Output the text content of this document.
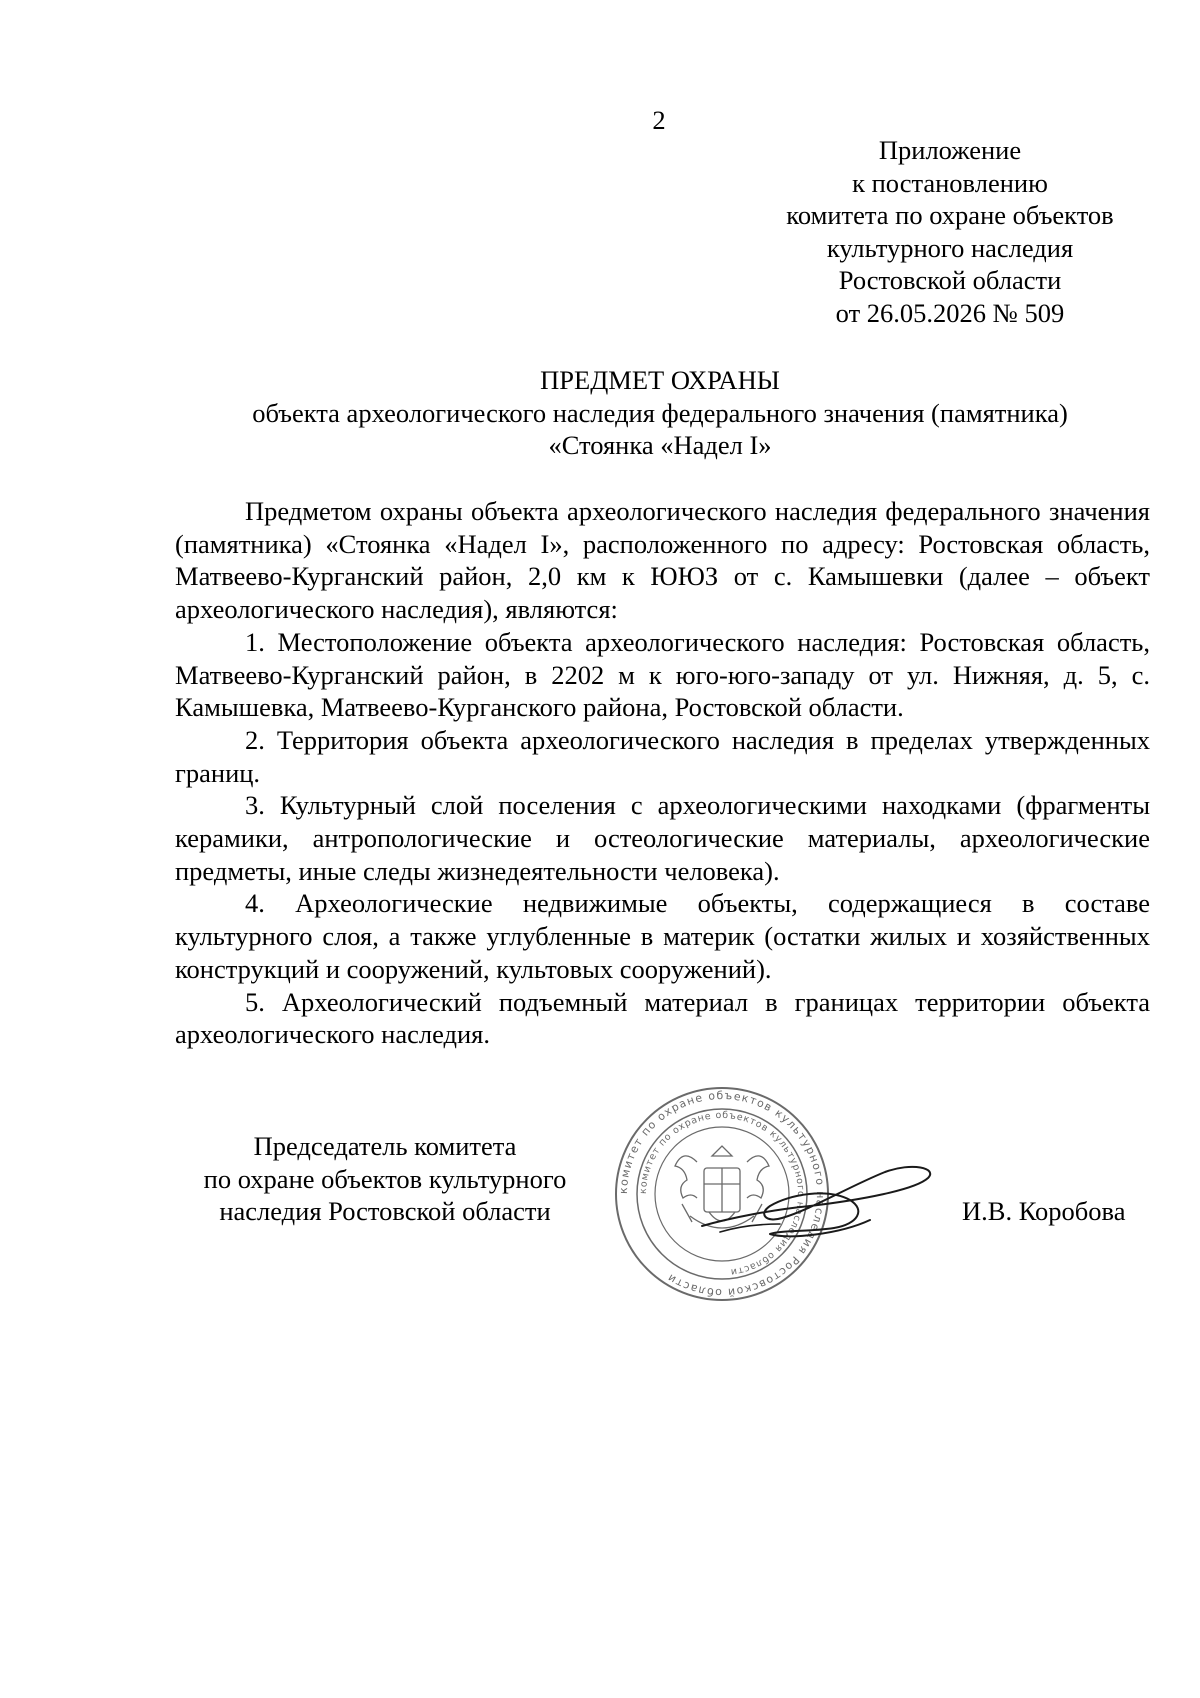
2
Приложение
к постановлению
комитета по охране объектов
культурного наследия
Ростовской области
от 26.05.2026 № 509
ПРЕДМЕТ ОХРАНЫ
объекта археологического наследия федерального значения (памятника)
«Стоянка «Надел I»

Предметом охраны объекта археологического наследия федерального значения (памятника) «Стоянка «Надел I», расположенного по адресу: Ростовская область, Матвеево-Курганский район, 2,0 км к ЮЮЗ от с. Камышевки (далее – объект археологического наследия), являются:

1. Местоположение объекта археологического наследия: Ростовская область, Матвеево-Курганский район, в 2202 м к юго-юго-западу от ул. Нижняя, д. 5, с. Камышевка, Матвеево-Курганского района, Ростовской области.

2. Территория объекта археологического наследия в пределах утвержденных границ.

3. Культурный слой поселения с археологическими находками (фрагменты керамики, антропологические и остеологические материалы, археологические предметы, иные следы жизнедеятельности человека).

4. Археологические недвижимые объекты, содержащиеся в составе культурного слоя, а также углубленные в материк (остатки жилых и хозяйственных конструкций и сооружений, культовых сооружений).

5. Археологический подъемный материал в границах территории объекта археологического наследия.

Председатель комитета
по охране объектов культурного
наследия Ростовской области
комитет по охране объектов культурного наследия Ростовской области
комитет по охране объектов культурного наследия области
И.В. Коробова
